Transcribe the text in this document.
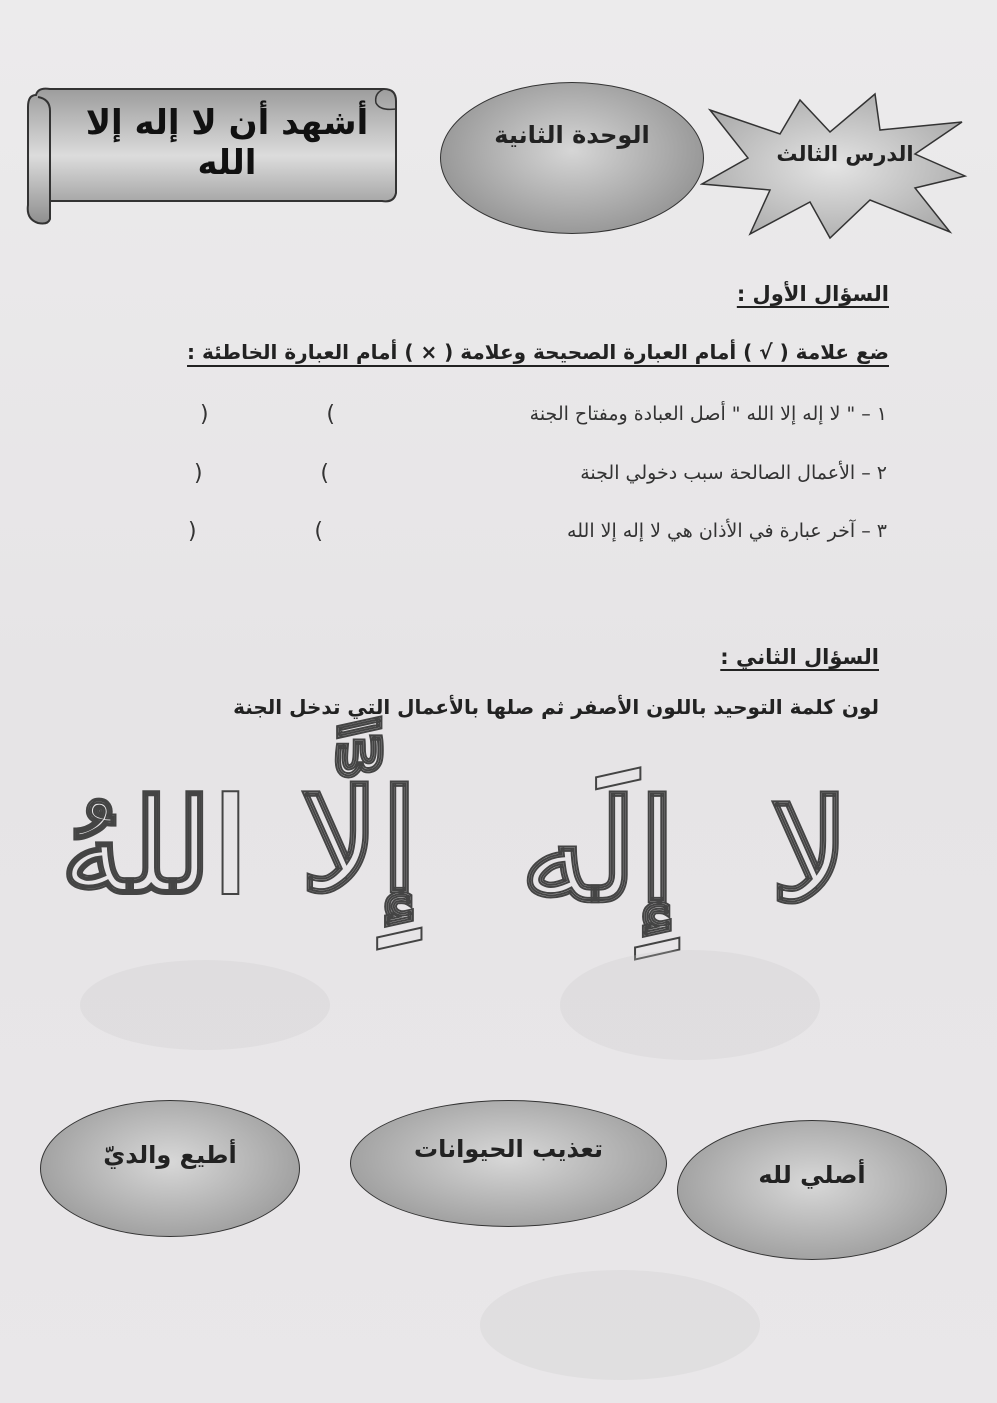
أشهد أن لا إله إلا الله
الوحدة الثانية
الدرس الثالث
السؤال الأول :
ضع علامة ( √ ) أمام العبارة الصحيحة وعلامة ( × ) أمام العبارة الخاطئة :
١ – " لا إله إلا الله " أصل العبادة ومفتاح الجنة
)	(
٢ – الأعمال الصالحة سبب دخولي الجنة
)	(
٣ – آخر عبارة في الأذان هي لا إله إلا الله
)	(
السؤال الثاني :
لون كلمة التوحيد باللون الأصفر ثم صلها بالأعمال التي تدخل الجنة
لا
إِلَه
إِلَّا
اللهُ
أصلي لله
تعذيب الحيوانات
أطيع والديّ
